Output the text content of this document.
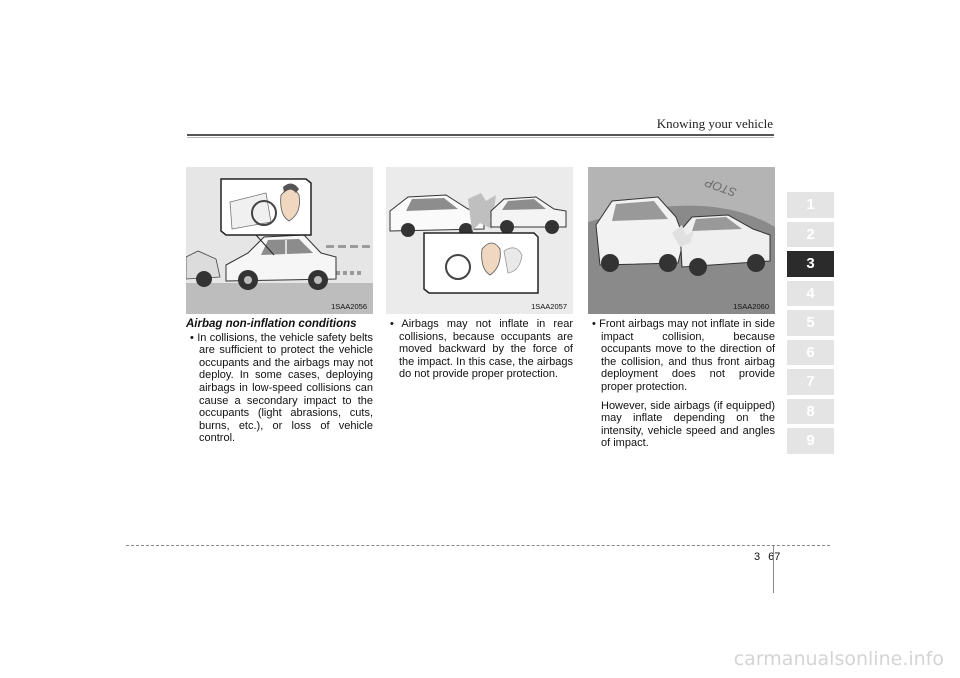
Knowing your vehicle
1SAA2056	1SAA2057
STOP
1SAA2060
Airbag non-inflation conditions

• In collisions, the vehicle safety belts are sufficient to protect the vehicle occupants and the airbags may not deploy. In some cases, deploying airbags in low-speed collisions can cause a secondary impact to the occupants (light abrasions, cuts, burns, etc.), or loss of vehicle control.

• Airbags may not inflate in rear collisions, because occupants are moved backward by the force of the impact. In this case, the airbags do not provide proper protection.

• Front airbags may not inflate in side impact collision, because occupants move to the direction of the collision, and thus front airbag deployment does not provide proper protection.

However, side airbags (if equipped) may inflate depending on the intensity, vehicle speed and angles of impact.

1
2
3
4
5
6
7
8
9
3 67
carmanualsonline.info
